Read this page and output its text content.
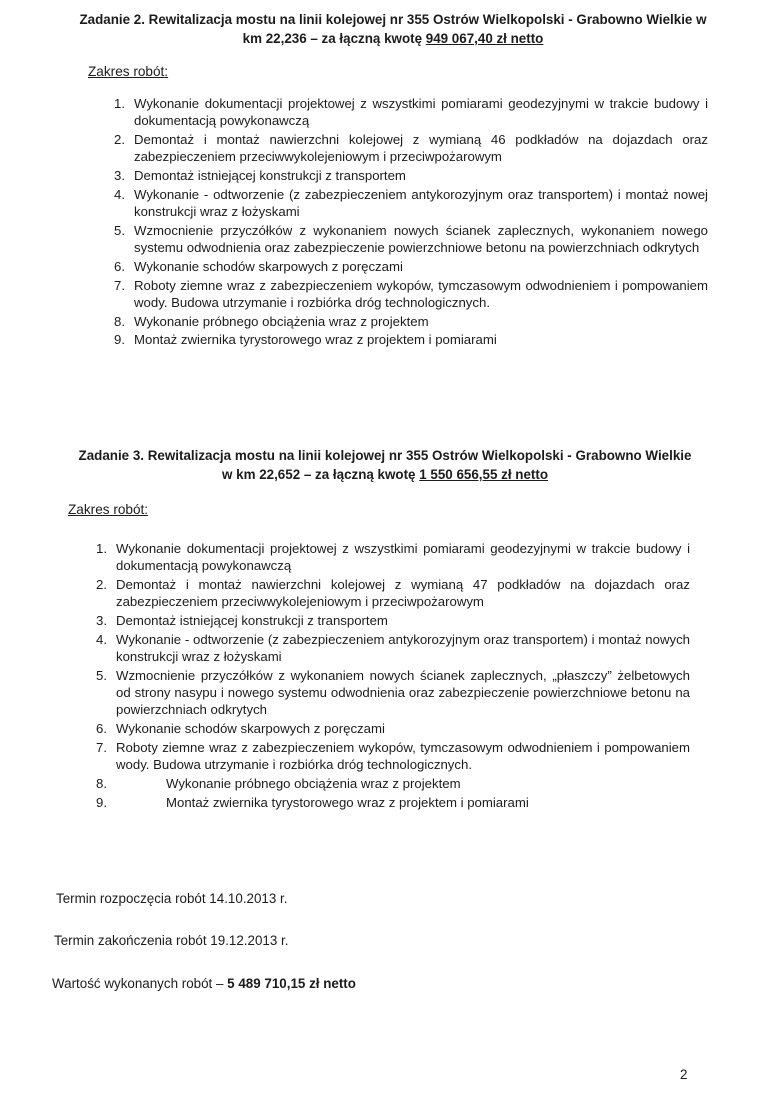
Zadanie 2. Rewitalizacja mostu na linii kolejowej nr 355 Ostrów Wielkopolski - Grabowno Wielkie w
km 22,236 – za łączną kwotę 949 067,40 zł netto
Zakres robót:
1. Wykonanie dokumentacji projektowej z wszystkimi pomiarami geodezyjnymi w trakcie budowy i dokumentacją powykonawczą
2. Demontaż i montaż nawierzchni kolejowej z wymianą 46 podkładów na dojazdach oraz zabezpieczeniem przeciwwykolejeniowym i przeciwpożarowym
3. Demontaż istniejącej konstrukcji z transportem
4. Wykonanie - odtworzenie (z zabezpieczeniem antykorozyjnym oraz transportem) i montaż nowej konstrukcji wraz z łożyskami
5. Wzmocnienie przyczółków z wykonaniem nowych ścianek zaplecznych, wykonaniem nowego systemu odwodnienia oraz zabezpieczenie powierzchniowe betonu na powierzchniach odkrytych
6. Wykonanie schodów skarpowych z poręczami
7. Roboty ziemne wraz z zabezpieczeniem wykopów, tymczasowym odwodnieniem i pompowaniem wody. Budowa utrzymanie i rozbiórka dróg technologicznych.
8. Wykonanie próbnego obciążenia wraz z projektem
9. Montaż zwiernika tyrystorowego wraz z projektem i pomiarami
Zadanie 3. Rewitalizacja mostu na linii kolejowej nr 355 Ostrów Wielkopolski - Grabowno Wielkie
w km 22,652 – za łączną kwotę 1 550 656,55 zł netto
Zakres robót:
1. Wykonanie dokumentacji projektowej z wszystkimi pomiarami geodezyjnymi w trakcie budowy i dokumentacją powykonawczą
2. Demontaż i montaż nawierzchni kolejowej z wymianą 47 podkładów na dojazdach oraz zabezpieczeniem przeciwwykolejeniowym i przeciwpożarowym
3. Demontaż istniejącej konstrukcji z transportem
4. Wykonanie - odtworzenie (z zabezpieczeniem antykorozyjnym oraz transportem) i montaż nowych konstrukcji wraz z łożyskami
5. Wzmocnienie przyczółków z wykonaniem nowych ścianek zaplecznych, „płaszczy” żelbetowych od strony nasypu i nowego systemu odwodnienia oraz zabezpieczenie powierzchniowe betonu na powierzchniach odkrytych
6. Wykonanie schodów skarpowych z poręczami
7. Roboty ziemne wraz z zabezpieczeniem wykopów, tymczasowym odwodnieniem i pompowaniem wody. Budowa utrzymanie i rozbiórka dróg technologicznych.
8.	Wykonanie próbnego obciążenia wraz z projektem
9.	Montaż zwiernika tyrystorowego wraz z projektem i pomiarami
Termin rozpoczęcia robót 14.10.2013 r.
Termin zakończenia robót 19.12.2013 r.
Wartość wykonanych robót – 5 489 710,15 zł netto
2
